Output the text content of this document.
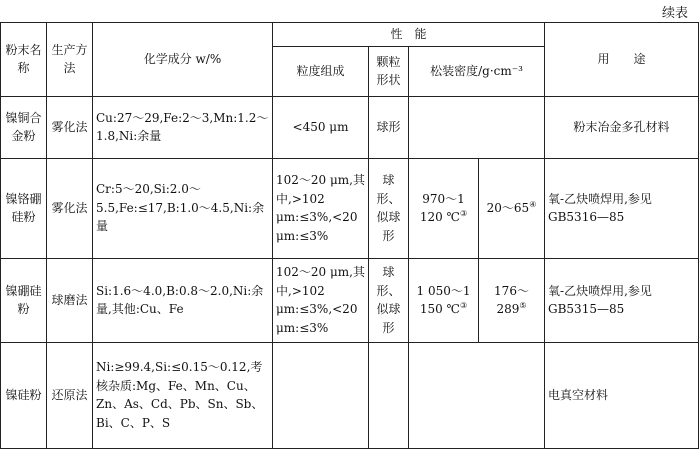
续表
粉末名称	生产方法	化学成分 w/%	性　能				用　　途
			粒度组成	颗粒形状	松装密度/g·cm⁻³		
镍铜合金粉	雾化法	Cu:27～29,Fe:2～3,Mn:1.2～1.8,Ni:余量	<450 μm	球形			粉末冶金多孔材料
镍铬硼硅粉	雾化法	Cr:5～20,Si:2.0～5.5,Fe:≤17,B:1.0～4.5,Ni:余量	102～20 μm,其中,>102 μm:≤3%,<20 μm:≤3%	球形、似球形	970～1 120 ℃③	20～65④	氧-乙炔喷焊用,参见 GB5316—85
镍硼硅粉	球磨法	Si:1.6～4.0,B:0.8～2.0,Ni:余量,其他:Cu、Fe	102～20 μm,其中,>102 μm:≤3%,<20 μm:≤3%	球形、似球形	1 050～1 150 ℃③	176～289⑤	氧-乙炔喷焊用,参见 GB5315—85
镍硅粉	还原法	Ni:≥99.4,Si:≤0.15～0.12,考核杂质:Mg、Fe、Mn、Cu、Zn、As、Cd、Pb、Sn、Sb、Bi、C、P、S					电真空材料
